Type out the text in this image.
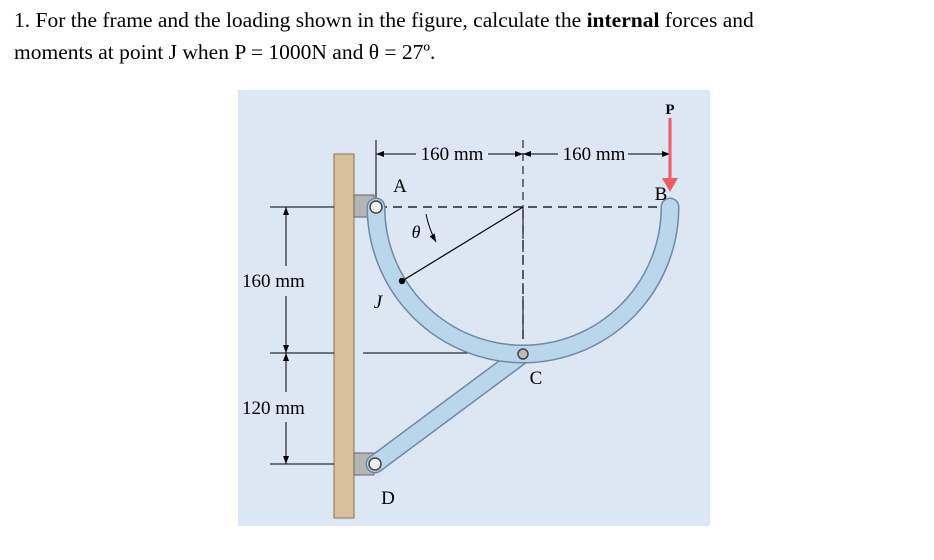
1. For the frame and the loading shown in the figure, calculate the internal forces and
moments at point J when P = 1000N and θ = 27º.
160 mm	160 mm
160 mm
120 mm
θ
J
A	B
C
D
P
